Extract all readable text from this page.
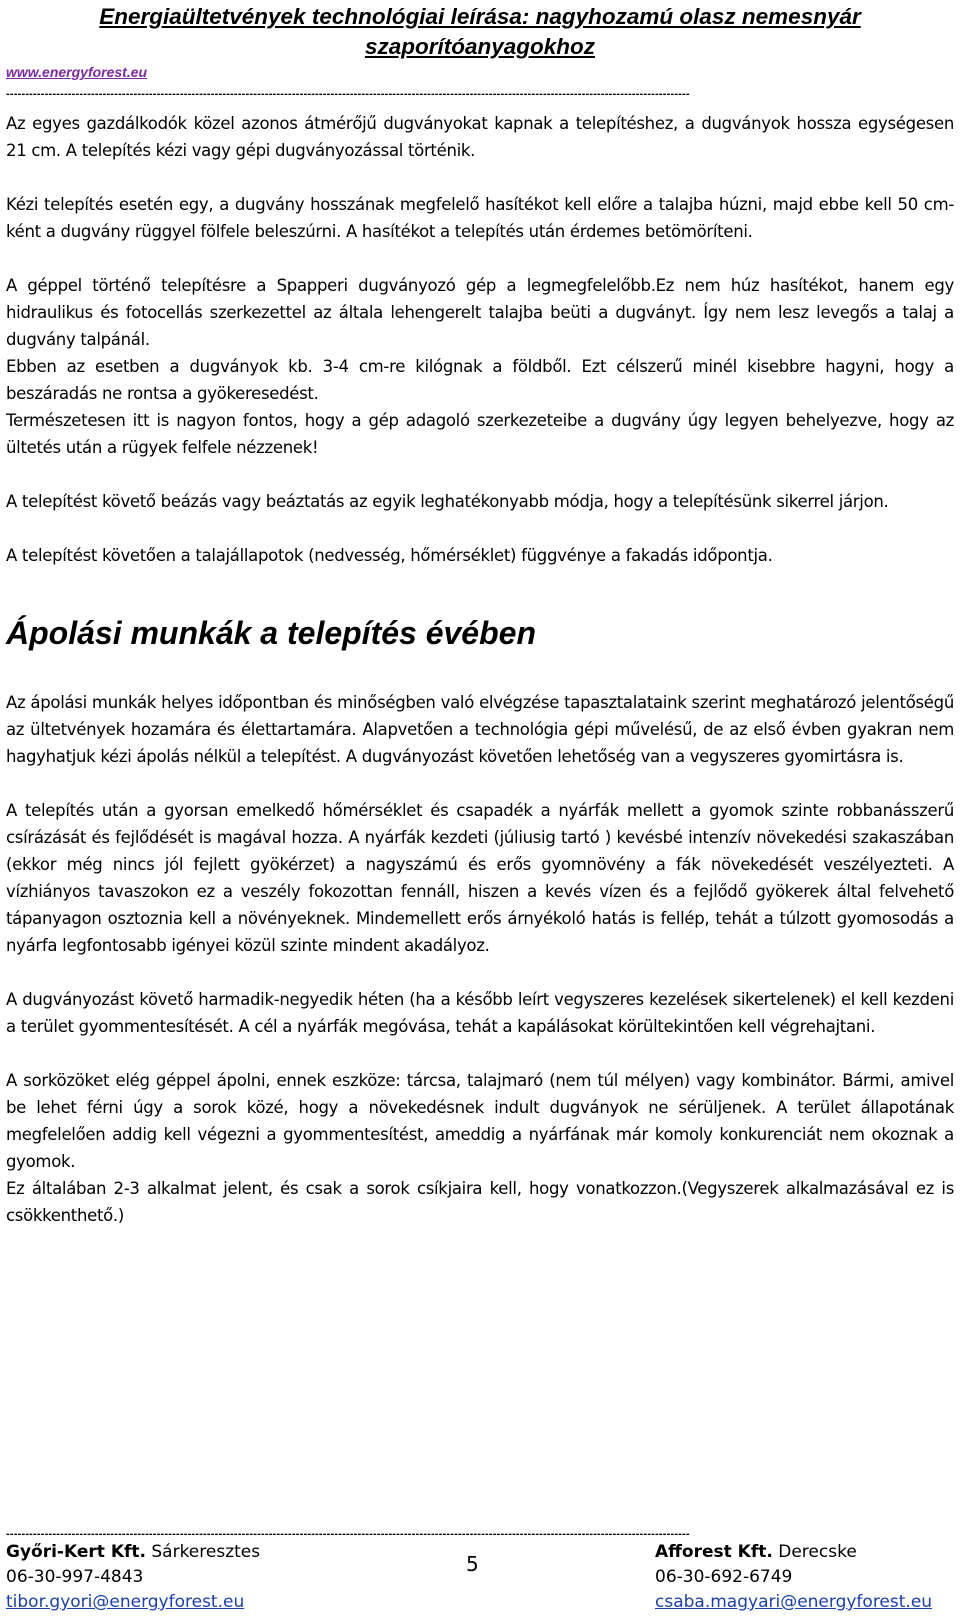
Energiaültetvények technológiai leírása: nagyhozamú olasz nemesnyár szaporítóanyagokhoz
www.energyforest.eu
---------------------------------------------------------------------------------------------------------------------------------------------------------------------------------

Az egyes gazdálkodók közel azonos átmérőjű dugványokat kapnak a telepítéshez, a dugványok hossza egységesen 21 cm. A telepítés kézi vagy gépi dugványozással történik.

Kézi telepítés esetén egy, a dugvány hosszának megfelelő hasítékot kell előre a talajba húzni, majd ebbe kell 50 cm-ként a dugvány rüggyel fölfele beleszúrni. A hasítékot a telepítés után érdemes betömöríteni.

A géppel történő telepítésre a Spapperi dugványozó gép a legmegfelelőbb.Ez nem húz hasítékot, hanem egy hidraulikus és fotocellás szerkezettel az általa lehengerelt talajba beüti a dugványt. Így nem lesz levegős a talaj a dugvány talpánál.

Ebben az esetben a dugványok kb. 3-4 cm-re kilógnak a földből. Ezt célszerű minél kisebbre hagyni, hogy a beszáradás ne rontsa a gyökeresedést.

Természetesen itt is nagyon fontos, hogy a gép adagoló szerkezeteibe a dugvány úgy legyen behelyezve, hogy az ültetés után a rügyek felfele nézzenek!

A telepítést követő beázás vagy beáztatás az egyik leghatékonyabb módja, hogy a telepítésünk sikerrel járjon.

A telepítést követően a talajállapotok (nedvesség, hőmérséklet) függvénye a fakadás időpontja.

Ápolási munkák a telepítés évében

Az ápolási munkák helyes időpontban és minőségben való elvégzése tapasztalataink szerint meghatározó jelentőségű az ültetvények hozamára és élettartamára. Alapvetően a technológia gépi művelésű, de az első évben gyakran nem hagyhatjuk kézi ápolás nélkül a telepítést. A dugványozást követően lehetőség van a vegyszeres gyomirtásra is.

A telepítés után a gyorsan emelkedő hőmérséklet és csapadék a nyárfák mellett a gyomok szinte robbanásszerű csírázását és fejlődését is magával hozza. A nyárfák kezdeti (júliusig tartó ) kevésbé intenzív növekedési szakaszában (ekkor még nincs jól fejlett gyökérzet) a nagyszámú és erős gyomnövény a fák növekedését veszélyezteti. A vízhiányos tavaszokon ez a veszély fokozottan fennáll, hiszen a kevés vízen és a fejlődő gyökerek által felvehető tápanyagon osztoznia kell a növényeknek. Mindemellett erős árnyékoló hatás is fellép, tehát a túlzott gyomosodás a nyárfa legfontosabb igényei közül szinte mindent akadályoz.

A dugványozást követő harmadik-negyedik héten (ha a később leírt vegyszeres kezelések sikertelenek) el kell kezdeni a terület gyommentesítését. A cél a nyárfák megóvása, tehát a kapálásokat körültekintően kell végrehajtani.

A sorközöket elég géppel ápolni, ennek eszköze: tárcsa, talajmaró (nem túl mélyen) vagy kombinátor. Bármi, amivel be lehet férni úgy a sorok közé, hogy a növekedésnek indult dugványok ne sérüljenek. A terület állapotának megfelelően addig kell végezni a gyommentesítést, ameddig a nyárfának már komoly konkurenciát nem okoznak a gyomok.

Ez általában 2-3 alkalmat jelent, és csak a sorok csíkjaira kell, hogy vonatkozzon.(Vegyszerek alkalmazásával ez is csökkenthető.)

---------------------------------------------------------------------------------------------------------------------------------------------------------------------------------
Győri-Kert Kft. Sárkeresztes
06-30-997-4843
tibor.gyori@energyforest.eu
5	Afforest Kft. Derecske
06-30-692-6749
csaba.magyari@energyforest.eu
